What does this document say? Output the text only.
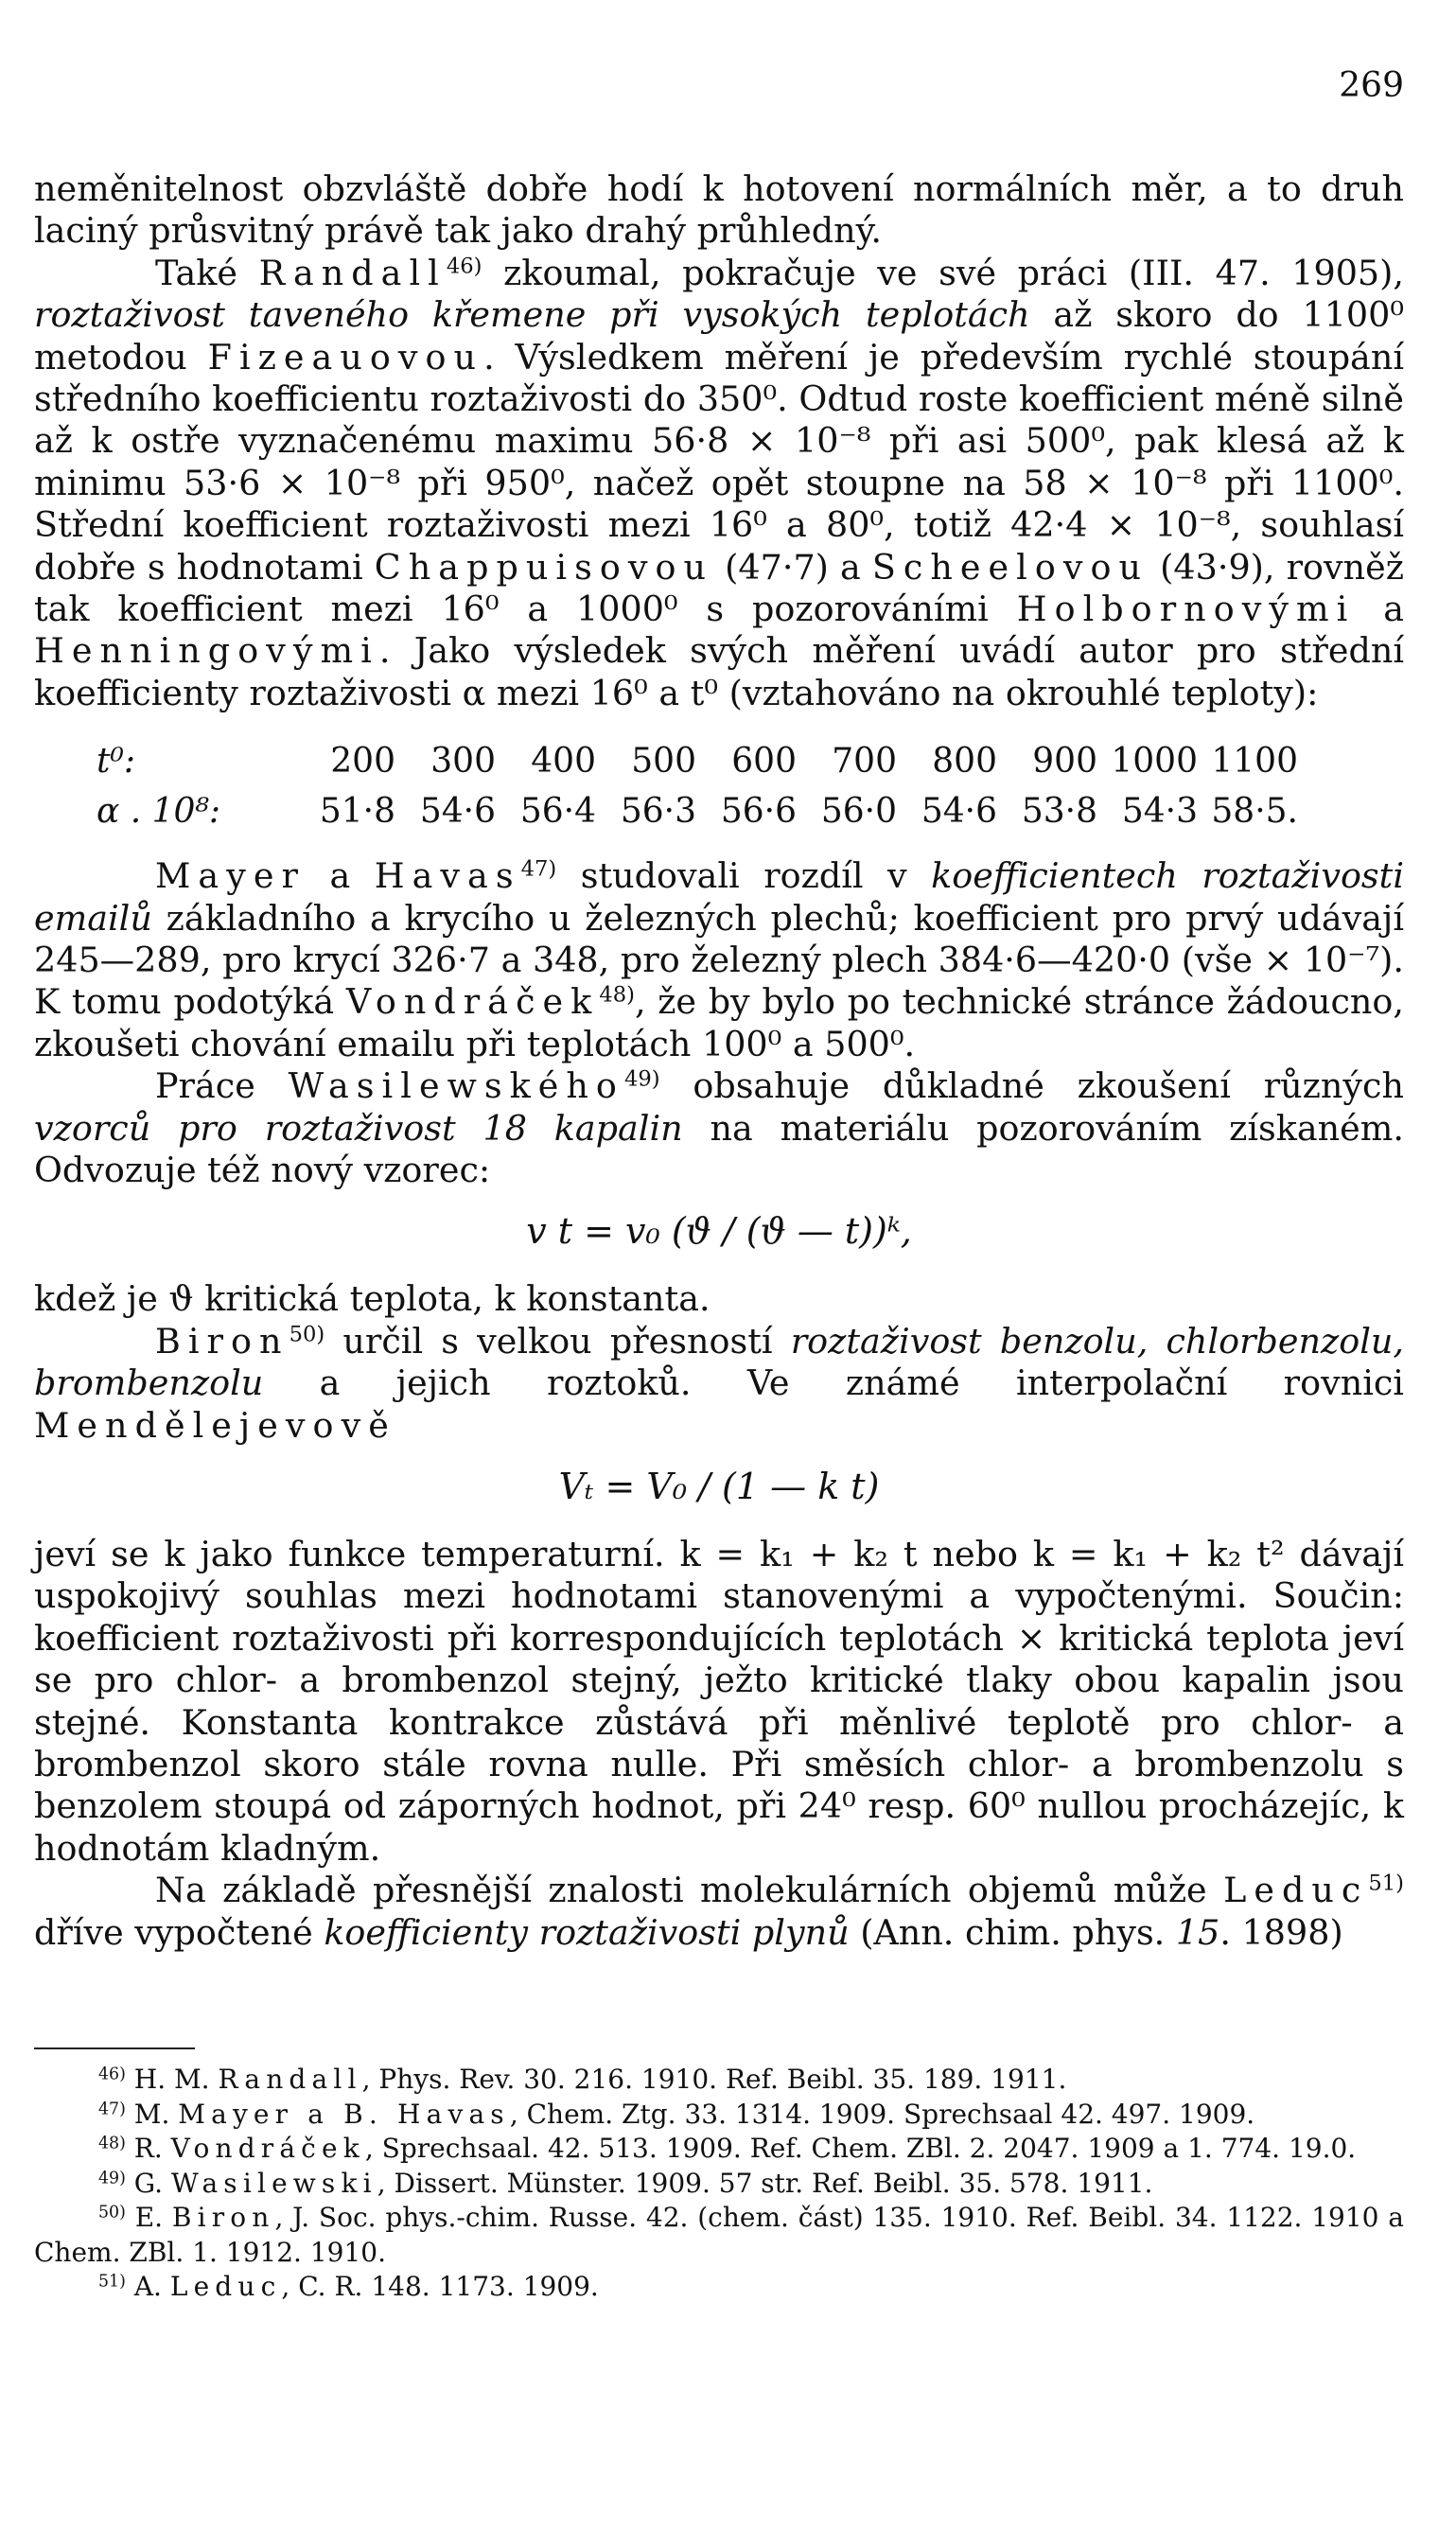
269

neměnitelnost obzvláště dobře hodí k hotovení normálních měr, a to druh laciný průsvitný právě tak jako drahý průhledný.

Také Randall$^{46)}$ zkoumal, pokračuje ve své práci (III. 47. 1905), roztaživost taveného křemene při vysokých teplotách až skoro do 1100⁰ metodou Fizeauovou. Výsledkem měření je především rychlé stoupání středního koefficientu roztaživosti do 350⁰. Odtud roste koefficient méně silně až k ostře vyznačenému maximu 56·8 × 10⁻⁸ při asi 500⁰, pak klesá až k minimu 53·6 × 10⁻⁸ při 950⁰, načež opět stoupne na 58 × 10⁻⁸ při 1100⁰. Střední koefficient roztaživosti mezi 16⁰ a 80⁰, totiž 42·4 × 10⁻⁸, souhlasí dobře s hodnotami Chappuisovou (47·7) a Scheelovou (43·9), rovněž tak koefficient mezi 16⁰ a 1000⁰ s pozorováními Holbornovými a Henningovými. Jako výsledek svých měření uvádí autor pro střední koefficienty roztaživosti α mezi 16⁰ a t⁰ (vztahováno na okrouhlé teploty):

t⁰:	200	300	400	500	600	700	800	900	1000	1100
α . 10⁸:	51·8	54·6	56·4	56·3	56·6	56·0	54·6	53·8	54·3	58·5.

Mayer a Havas$^{47)}$ studovali rozdíl v koefficientech roztaživosti emailů základního a krycího u železných plechů; koefficient pro prvý udávají 245—289, pro krycí 326·7 a 348, pro železný plech 384·6—420·0 (vše × 10⁻⁷). K tomu podotýká Vondráček$^{48)}$, že by bylo po technické stránce žádoucno, zkoušeti chování emailu při teplotách 100⁰ a 500⁰.

Práce Wasilewského$^{49)}$ obsahuje důkladné zkoušení různých vzorců pro roztaživost 18 kapalin na materiálu pozorováním získaném. Odvozuje též nový vzorec:

v t = v₀ (ϑ / (ϑ — t))ᵏ,

kdež je ϑ kritická teplota, k konstanta.

Biron$^{50)}$ určil s velkou přesností roztaživost benzolu, chlorbenzolu, brombenzolu a jejich roztoků. Ve známé interpolační rovnici Mendělejevově

Vₜ = V₀ / (1 — k t)

jeví se k jako funkce temperaturní. k = k₁ + k₂ t nebo k = k₁ + k₂ t² dávají uspokojivý souhlas mezi hodnotami stanovenými a vypočtenými. Součin: koefficient roztaživosti při korrespondujících teplotách × kritická teplota jeví se pro chlor- a brombenzol stejný, ježto kritické tlaky obou kapalin jsou stejné. Konstanta kontrakce zůstává při měnlivé teplotě pro chlor- a brombenzol skoro stále rovna nulle. Při směsích chlor- a brombenzolu s benzolem stoupá od záporných hodnot, při 24⁰ resp. 60⁰ nullou procházejíc, k hodnotám kladným.

Na základě přesnější znalosti molekulárních objemů může Leduc$^{51)}$ dříve vypočtené koefficienty roztaživosti plynů (Ann. chim. phys. 15. 1898)

$^{46)}$ H. M. Randall, Phys. Rev. 30. 216. 1910. Ref. Beibl. 35. 189. 1911.

$^{47)}$ M. Mayer a B. Havas, Chem. Ztg. 33. 1314. 1909. Sprechsaal 42. 497. 1909.

$^{48)}$ R. Vondráček, Sprechsaal. 42. 513. 1909. Ref. Chem. ZBl. 2. 2047. 1909 a 1. 774. 19.0.

$^{49)}$ G. Wasilewski, Dissert. Münster. 1909. 57 str. Ref. Beibl. 35. 578. 1911.

$^{50)}$ E. Biron, J. Soc. phys.-chim. Russe. 42. (chem. část) 135. 1910. Ref. Beibl. 34. 1122. 1910 a Chem. ZBl. 1. 1912. 1910.

$^{51)}$ A. Leduc, C. R. 148. 1173. 1909.
